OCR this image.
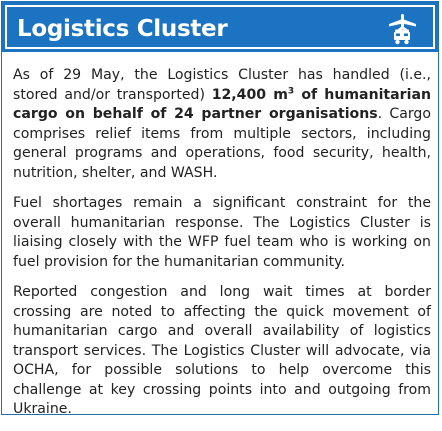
Logistics Cluster

As of 29 May, the Logistics Cluster has handled (i.e., stored and/or transported) 12,400 $m^3$ of humanitarian cargo on behalf of 24 partner organisations. Cargo comprises relief items from multiple sectors, including general programs and operations, food security, health, nutrition, shelter, and WASH.

Fuel shortages remain a significant constraint for the overall humanitarian response. The Logistics Cluster is liaising closely with the WFP fuel team who is working on fuel provision for the humanitarian community.

Reported congestion and long wait times at border crossing are noted to affecting the quick movement of humanitarian cargo and overall availability of logistics transport services. The Logistics Cluster will advocate, via OCHA, for possible solutions to help overcome this challenge at key crossing points into and outgoing from Ukraine.
